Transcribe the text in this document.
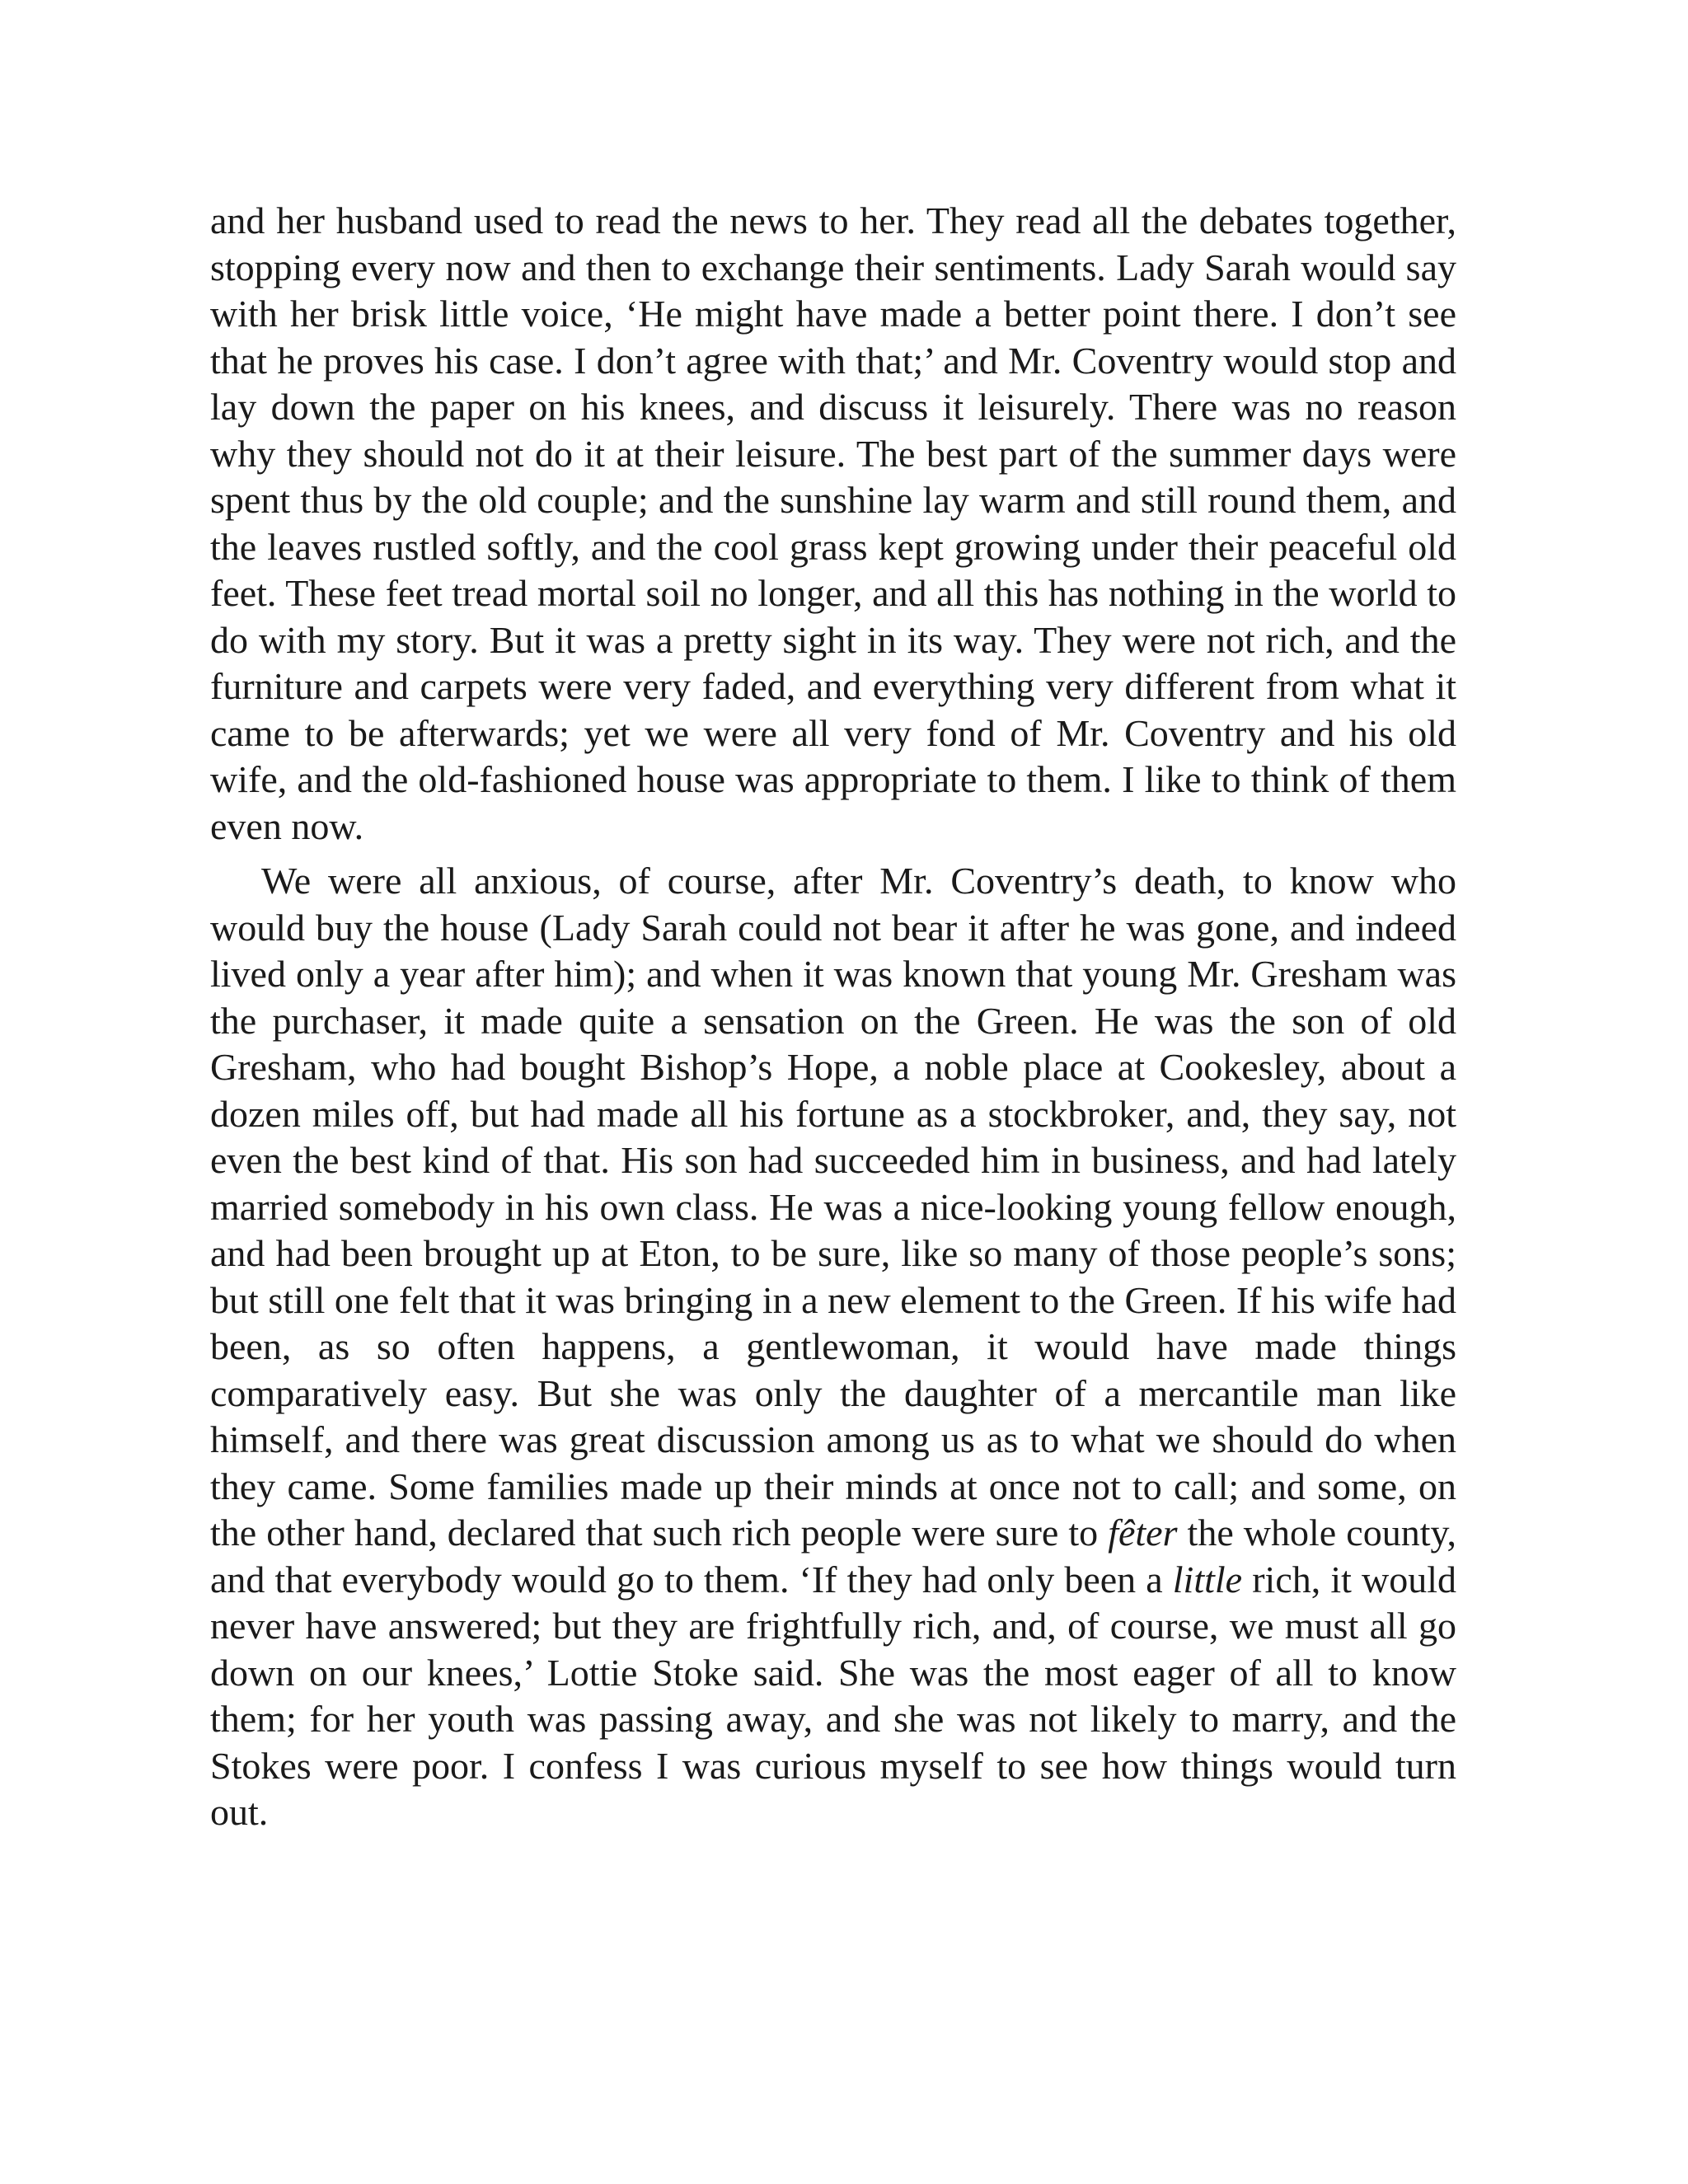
and her husband used to read the news to her. They read all the debates together, stopping every now and then to exchange their sentiments. Lady Sarah would say with her brisk little voice, ‘He might have made a better point there. I don’t see that he proves his case. I don’t agree with that;’ and Mr. Coventry would stop and lay down the paper on his knees, and discuss it leisurely. There was no reason why they should not do it at their leisure. The best part of the summer days were spent thus by the old couple; and the sunshine lay warm and still round them, and the leaves rustled softly, and the cool grass kept growing under their peaceful old feet. These feet tread mortal soil no longer, and all this has nothing in the world to do with my story. But it was a pretty sight in its way. They were not rich, and the furniture and carpets were very faded, and everything very different from what it came to be afterwards; yet we were all very fond of Mr. Coventry and his old wife, and the old-fashioned house was appropriate to them. I like to think of them even now.

We were all anxious, of course, after Mr. Coventry’s death, to know who would buy the house (Lady Sarah could not bear it after he was gone, and indeed lived only a year after him); and when it was known that young Mr. Gresham was the purchaser, it made quite a sensation on the Green. He was the son of old Gresham, who had bought Bishop’s Hope, a noble place at Cookesley, about a dozen miles off, but had made all his fortune as a stockbroker, and, they say, not even the best kind of that. His son had succeeded him in business, and had lately married somebody in his own class. He was a nice-looking young fellow enough, and had been brought up at Eton, to be sure, like so many of those people’s sons; but still one felt that it was bringing in a new element to the Green. If his wife had been, as so often happens, a gentlewoman, it would have made things comparatively easy. But she was only the daughter of a mercantile man like himself, and there was great discussion among us as to what we should do when they came. Some families made up their minds at once not to call; and some, on the other hand, declared that such rich people were sure to fêter the whole county, and that everybody would go to them. ‘If they had only been a little rich, it would never have answered; but they are frightfully rich, and, of course, we must all go down on our knees,’ Lottie Stoke said. She was the most eager of all to know them; for her youth was passing away, and she was not likely to marry, and the Stokes were poor. I confess I was curious myself to see how things would turn out.
